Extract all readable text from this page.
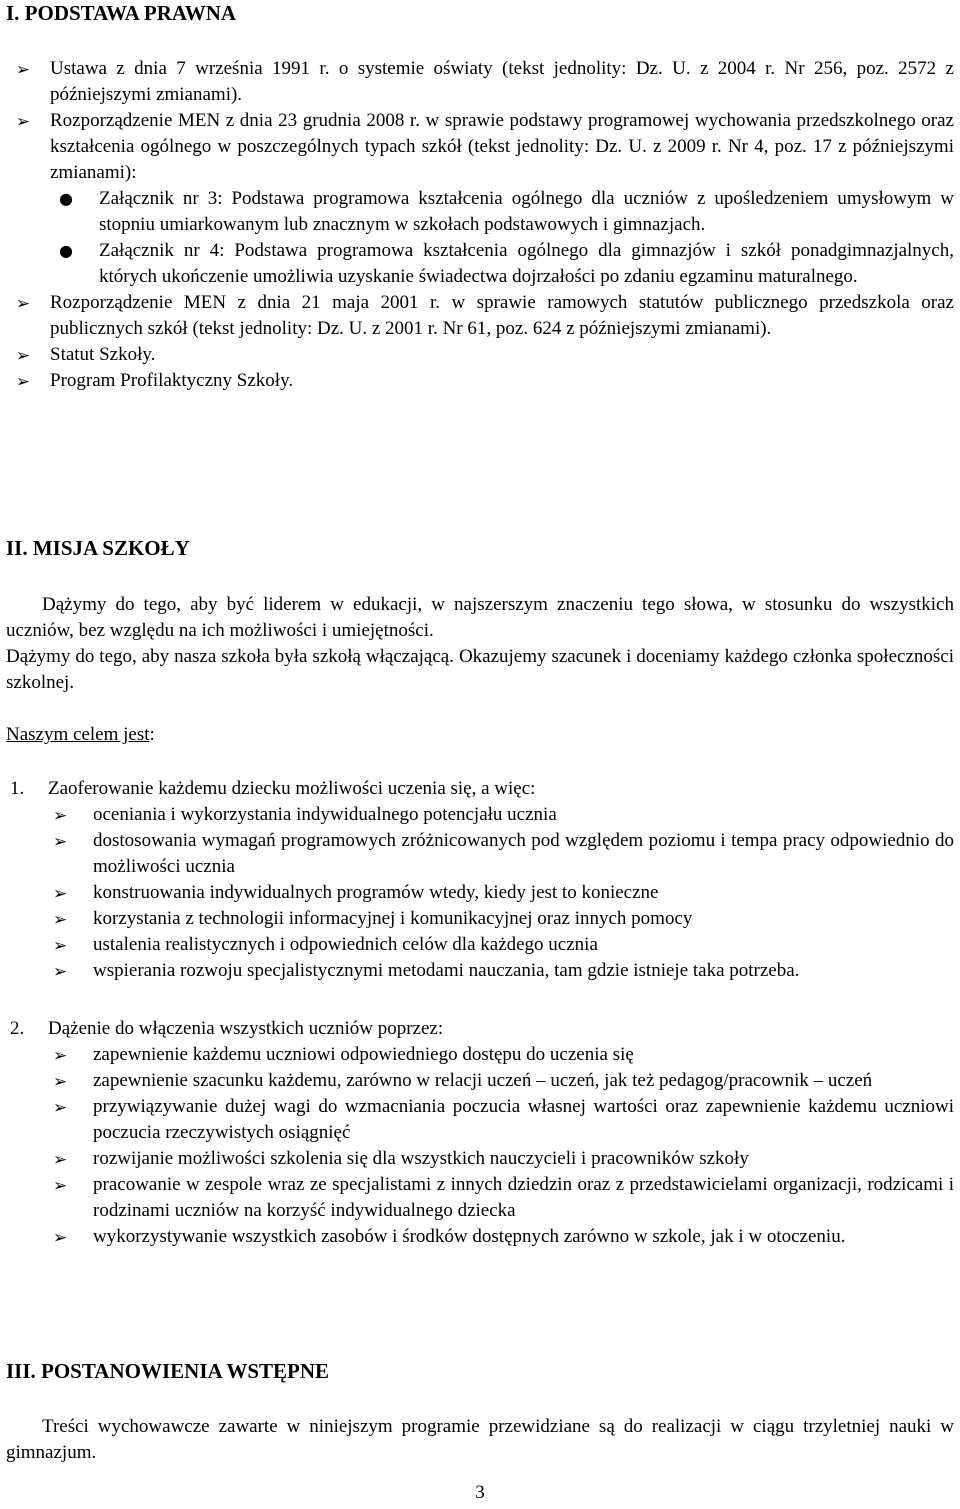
I. PODSTAWA PRAWNA
➢ Ustawa z dnia 7 września 1991 r. o systemie oświaty (tekst jednolity: Dz. U. z 2004 r. Nr 256, poz. 2572 z późniejszymi zmianami).
➢ Rozporządzenie MEN z dnia 23 grudnia 2008 r. w sprawie podstawy programowej wychowania przedszkolnego oraz kształcenia ogólnego w poszczególnych typach szkół (tekst jednolity: Dz. U. z 2009 r. Nr 4, poz. 17 z późniejszymi zmianami):
● Załącznik nr 3: Podstawa programowa kształcenia ogólnego dla uczniów z upośledzeniem umysłowym w stopniu umiarkowanym lub znacznym w szkołach podstawowych i gimnazjach.
● Załącznik nr 4: Podstawa programowa kształcenia ogólnego dla gimnazjów i szkół ponadgimnazjalnych, których ukończenie umożliwia uzyskanie świadectwa dojrzałości po zdaniu egzaminu maturalnego.
➢ Rozporządzenie MEN z dnia 21 maja 2001 r. w sprawie ramowych statutów publicznego przedszkola oraz publicznych szkół (tekst jednolity: Dz. U. z 2001 r. Nr 61, poz. 624 z późniejszymi zmianami).
➢ Statut Szkoły.
➢ Program Profilaktyczny Szkoły.
II. MISJA SZKOŁY
Dążymy do tego, aby być liderem w edukacji, w najszerszym znaczeniu tego słowa, w stosunku do wszystkich uczniów, bez względu na ich możliwości i umiejętności.
Dążymy do tego, aby nasza szkoła była szkołą włączającą. Okazujemy szacunek i doceniamy każdego członka społeczności szkolnej.
Naszym celem jest:
1. Zaoferowanie każdemu dziecku możliwości uczenia się, a więc:
➢ oceniania i wykorzystania indywidualnego potencjału ucznia
➢ dostosowania wymagań programowych zróżnicowanych pod względem poziomu i tempa pracy odpowiednio do możliwości ucznia
➢ konstruowania indywidualnych programów wtedy, kiedy jest to konieczne
➢ korzystania z technologii informacyjnej i komunikacyjnej oraz innych pomocy
➢ ustalenia realistycznych i odpowiednich celów dla każdego ucznia
➢ wspierania rozwoju specjalistycznymi metodami nauczania, tam gdzie istnieje taka potrzeba.
2. Dążenie do włączenia wszystkich uczniów poprzez:
➢ zapewnienie każdemu uczniowi odpowiedniego dostępu do uczenia się
➢ zapewnienie szacunku każdemu, zarówno w relacji uczeń – uczeń, jak też pedagog/pracownik – uczeń
➢ przywiązywanie dużej wagi do wzmacniania poczucia własnej wartości oraz zapewnienie każdemu uczniowi poczucia rzeczywistych osiągnięć
➢ rozwijanie możliwości szkolenia się dla wszystkich nauczycieli i pracowników szkoły
➢ pracowanie w zespole wraz ze specjalistami z innych dziedzin oraz z przedstawicielami organizacji, rodzicami i rodzinami uczniów na korzyść indywidualnego dziecka
➢ wykorzystywanie wszystkich zasobów i środków dostępnych zarówno w szkole, jak i w otoczeniu.
III. POSTANOWIENIA WSTĘPNE
Treści wychowawcze zawarte w niniejszym programie przewidziane są do realizacji w ciągu trzyletniej nauki w gimnazjum.
3
